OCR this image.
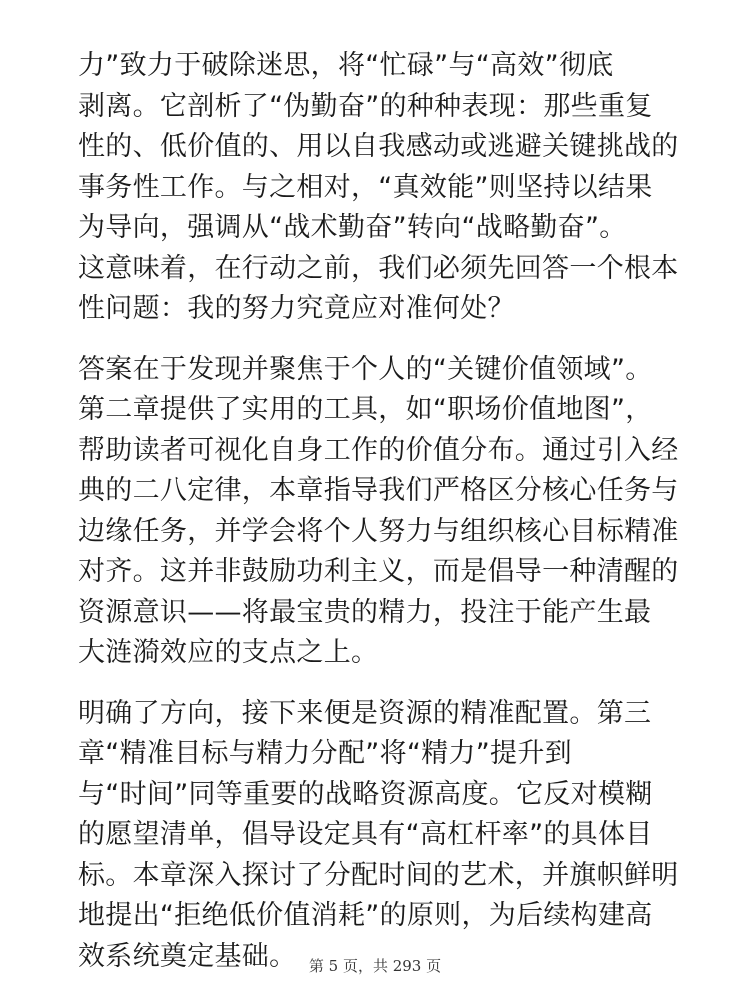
力”致力于破除迷思，将“忙碌”与“高效”彻底
剥离。它剖析了“伪勤奋”的种种表现：那些重复
性的、低价值的、用以自我感动或逃避关键挑战的
事务性工作。与之相对，“真效能”则坚持以结果
为导向，强调从“战术勤奋”转向“战略勤奋”。
这意味着，在行动之前，我们必须先回答一个根本
性问题：我的努力究竟应对准何处？

答案在于发现并聚焦于个人的“关键价值领域”。
第二章提供了实用的工具，如“职场价值地图”，
帮助读者可视化自身工作的价值分布。通过引入经
典的二八定律，本章指导我们严格区分核心任务与
边缘任务，并学会将个人努力与组织核心目标精准
对齐。这并非鼓励功利主义，而是倡导一种清醒的
资源意识——将最宝贵的精力，投注于能产生最
大涟漪效应的支点之上。

明确了方向，接下来便是资源的精准配置。第三
章“精准目标与精力分配”将“精力”提升到
与“时间”同等重要的战略资源高度。它反对模糊
的愿望清单，倡导设定具有“高杠杆率”的具体目
标。本章深入探讨了分配时间的艺术，并旗帜鲜明
地提出“拒绝低价值消耗”的原则，为后续构建高
效系统奠定基础。 第 5 页，共 293 页
